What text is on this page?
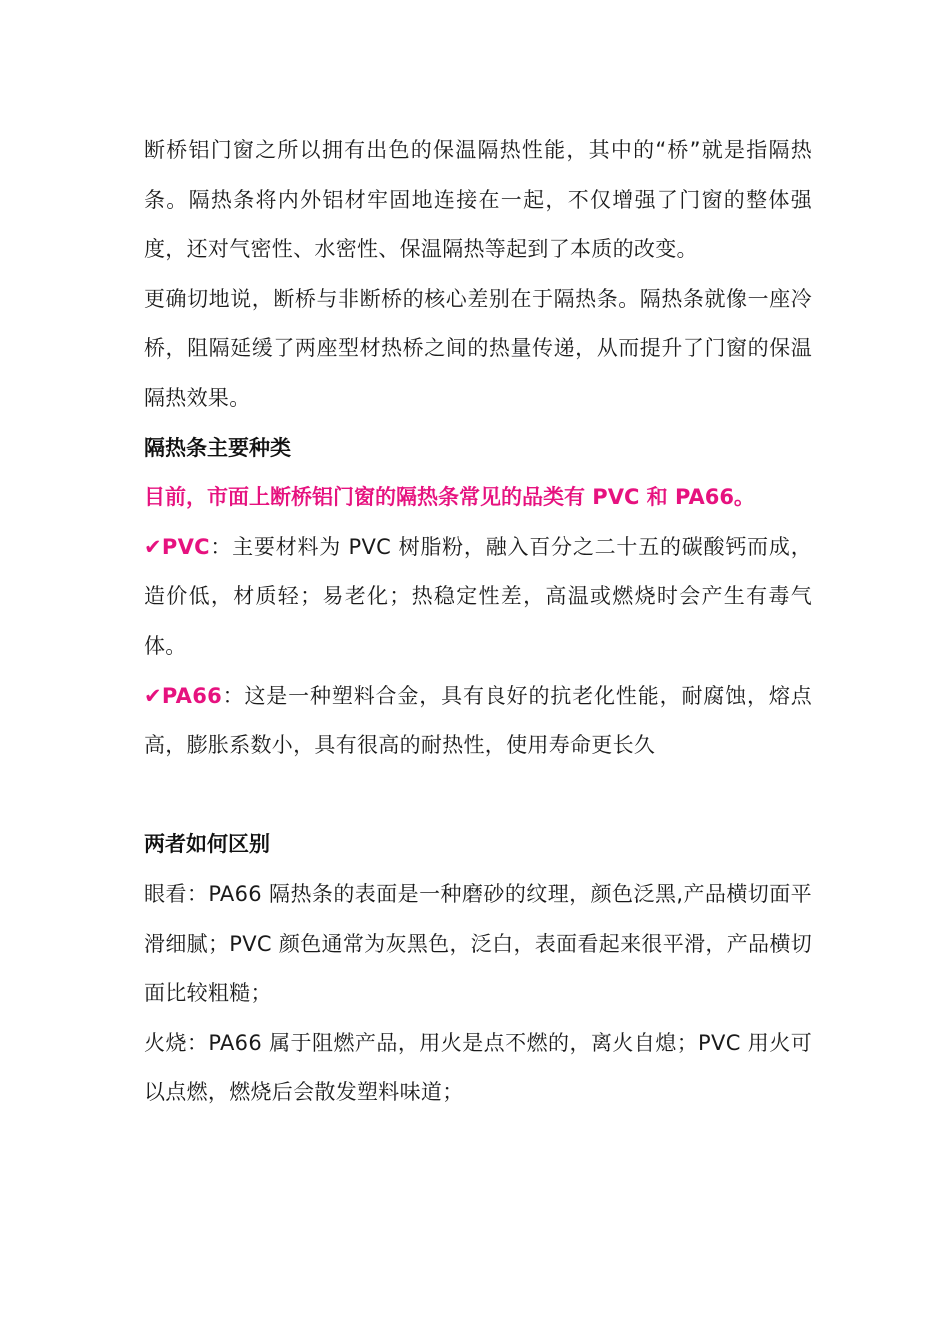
断桥铝门窗之所以拥有出色的保温隔热性能，其中的“桥”就是指隔热条。隔热条将内外铝材牢固地连接在一起，不仅增强了门窗的整体强度，还对气密性、水密性、保温隔热等起到了本质的改变。

更确切地说，断桥与非断桥的核心差别在于隔热条。隔热条就像一座冷桥，阻隔延缓了两座型材热桥之间的热量传递，从而提升了门窗的保温隔热效果。

隔热条主要种类

目前，市面上断桥铝门窗的隔热条常见的品类有 PVC 和 PA66。

✔PVC：主要材料为 PVC 树脂粉，融入百分之二十五的碳酸钙而成，造价低，材质轻；易老化；热稳定性差，高温或燃烧时会产生有毒气体。

✔PA66：这是一种塑料合金，具有良好的抗老化性能，耐腐蚀，熔点高，膨胀系数小，具有很高的耐热性，使用寿命更长久

两者如何区别

眼看：PA66 隔热条的表面是一种磨砂的纹理，颜色泛黑,产品横切面平滑细腻；PVC 颜色通常为灰黑色，泛白，表面看起来很平滑，产品横切面比较粗糙；

火烧：PA66 属于阻燃产品，用火是点不燃的，离火自熄；PVC 用火可以点燃，燃烧后会散发塑料味道；
